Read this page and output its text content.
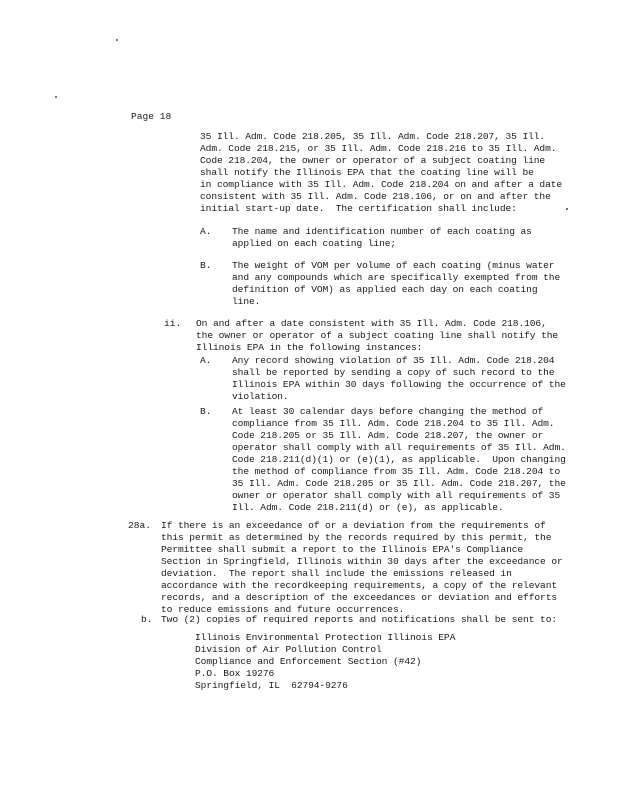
Page 18
35 Ill. Adm. Code 218.205, 35 Ill. Adm. Code 218.207, 35 Ill.
Adm. Code 218.215, or 35 Ill. Adm. Code 218.216 to 35 Ill. Adm.
Code 218.204, the owner or operator of a subject coating line
shall notify the Illinois EPA that the coating line will be
in compliance with 35 Ill. Adm. Code 218.204 on and after a date
consistent with 35 Ill. Adm. Code 218.106, or on and after the
initial start-up date.  The certification shall include:
A. The name and identification number of each coating as
applied on each coating line;
B. The weight of VOM per volume of each coating (minus water
and any compounds which are specifically exempted from the
definition of VOM) as applied each day on each coating
line.
ii. On and after a date consistent with 35 Ill. Adm. Code 218.106,
the owner or operator of a subject coating line shall notify the
Illinois EPA in the following instances:
A. Any record showing violation of 35 Ill. Adm. Code 218.204
shall be reported by sending a copy of such record to the
Illinois EPA within 30 days following the occurrence of the
violation.
B. At least 30 calendar days before changing the method of
compliance from 35 Ill. Adm. Code 218.204 to 35 Ill. Adm.
Code 218.205 or 35 Ill. Adm. Code 218.207, the owner or
operator shall comply with all requirements of 35 Ill. Adm.
Code 218.211(d)(1) or (e)(1), as applicable.  Upon changing
the method of compliance from 35 Ill. Adm. Code 218.204 to
35 Ill. Adm. Code 218.205 or 35 Ill. Adm. Code 218.207, the
owner or operator shall comply with all requirements of 35
Ill. Adm. Code 218.211(d) or (e), as applicable.
28a. If there is an exceedance of or a deviation from the requirements of
this permit as determined by the records required by this permit, the
Permittee shall submit a report to the Illinois EPA's Compliance
Section in Springfield, Illinois within 30 days after the exceedance or
deviation.  The report shall include the emissions released in
accordance with the recordkeeping requirements, a copy of the relevant
records, and a description of the exceedances or deviation and efforts
to reduce emissions and future occurrences.
b. Two (2) copies of required reports and notifications shall be sent to:
Illinois Environmental Protection Illinois EPA
Division of Air Pollution Control
Compliance and Enforcement Section (#42)
P.O. Box 19276
Springfield, IL  62794-9276
